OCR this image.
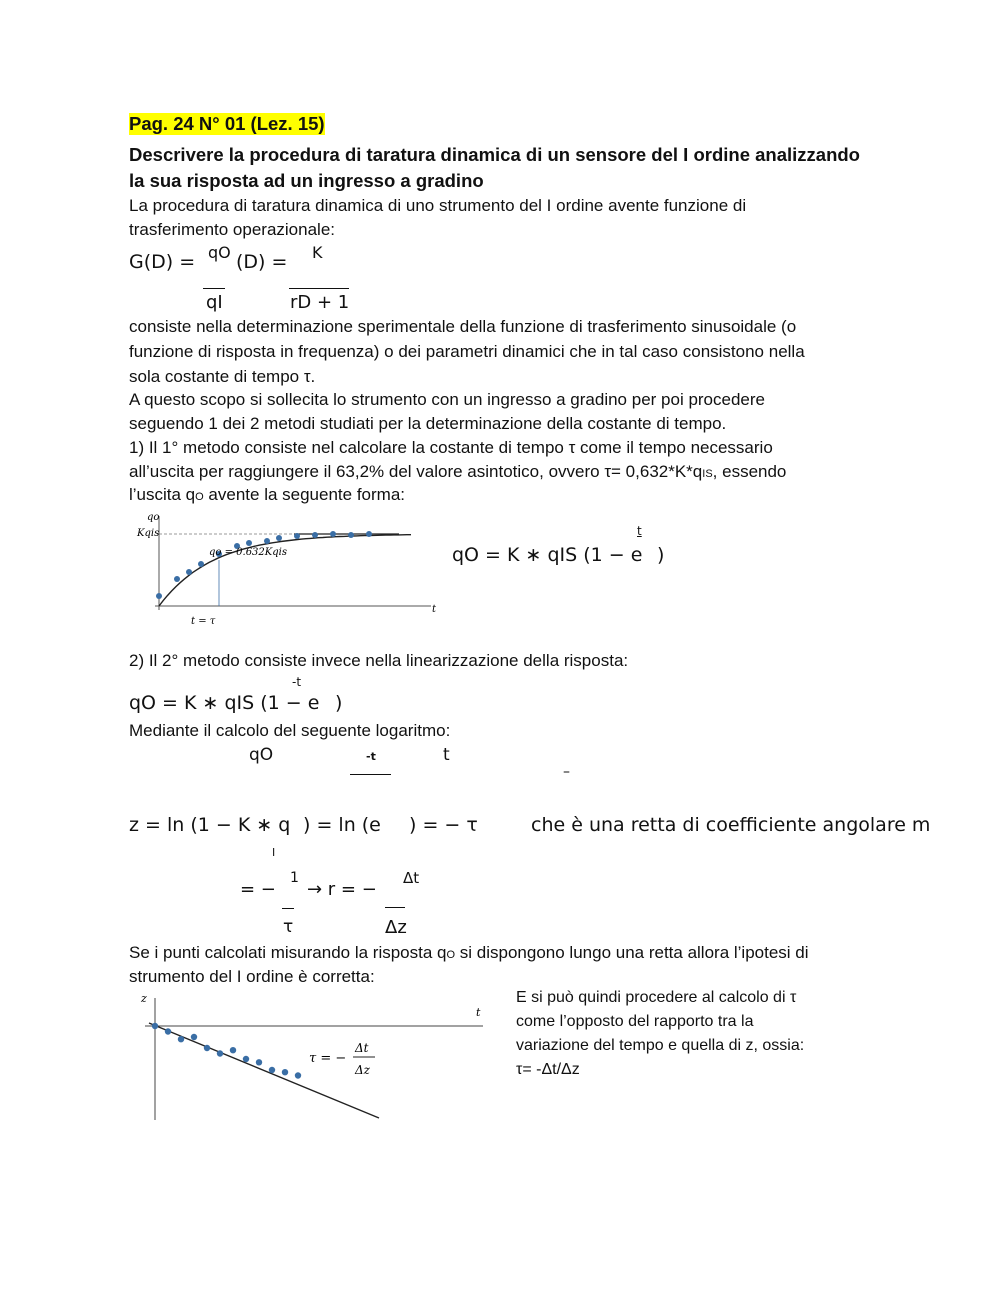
Pag. 24 N° 01 (Lez. 15)
Descrivere la procedura di taratura dinamica di un sensore del I ordine analizzando
la sua risposta ad un ingresso a gradino
La procedura di taratura dinamica di uno strumento del I ordine avente funzione di
trasferimento operazionale:
G(D) = qO (D) =
qI
K
rD + 1
consiste nella determinazione sperimentale della funzione di trasferimento sinusoidale (o
funzione di risposta in frequenza) o dei parametri dinamici che in tal caso consistono nella
sola costante di tempo τ.
A questo scopo si sollecita lo strumento con un ingresso a gradino per poi procedere
seguendo 1 dei 2 metodi studiati per la determinazione della costante di tempo.
1) Il 1° metodo consiste nel calcolare la costante di tempo τ come il tempo necessario
all’uscita per raggiungere il 63,2% del valore asintotico, ovvero τ= 0,632*K*qIS, essendo
l’uscita qO avente la seguente forma:
qo
Kqis
qo = 0.632Kqis
t
t = τ
qO = K ∗ qIS (1 − e
t
)
2) Il 2° metodo consiste invece nella linearizzazione della risposta:
qO = K ∗ qIS (1 − e
-t
)
Mediante il calcolo del seguente logaritmo:
qO	-t	t
–
z = ln (1 − K ∗ q ) = ln (e ) = − τ
I
che è una retta di coefficiente angolare m
= −
1
τ
→ r = −
Δt
Δz
Se i punti calcolati misurando la risposta qO si dispongono lungo una retta allora l’ipotesi di
strumento del I ordine è corretta:
z
t
τ = −
Δt
Δz
E si può quindi procedere al calcolo di τ
come l’opposto del rapporto tra la
variazione del tempo e quella di z, ossia:
τ= -Δt/Δz
